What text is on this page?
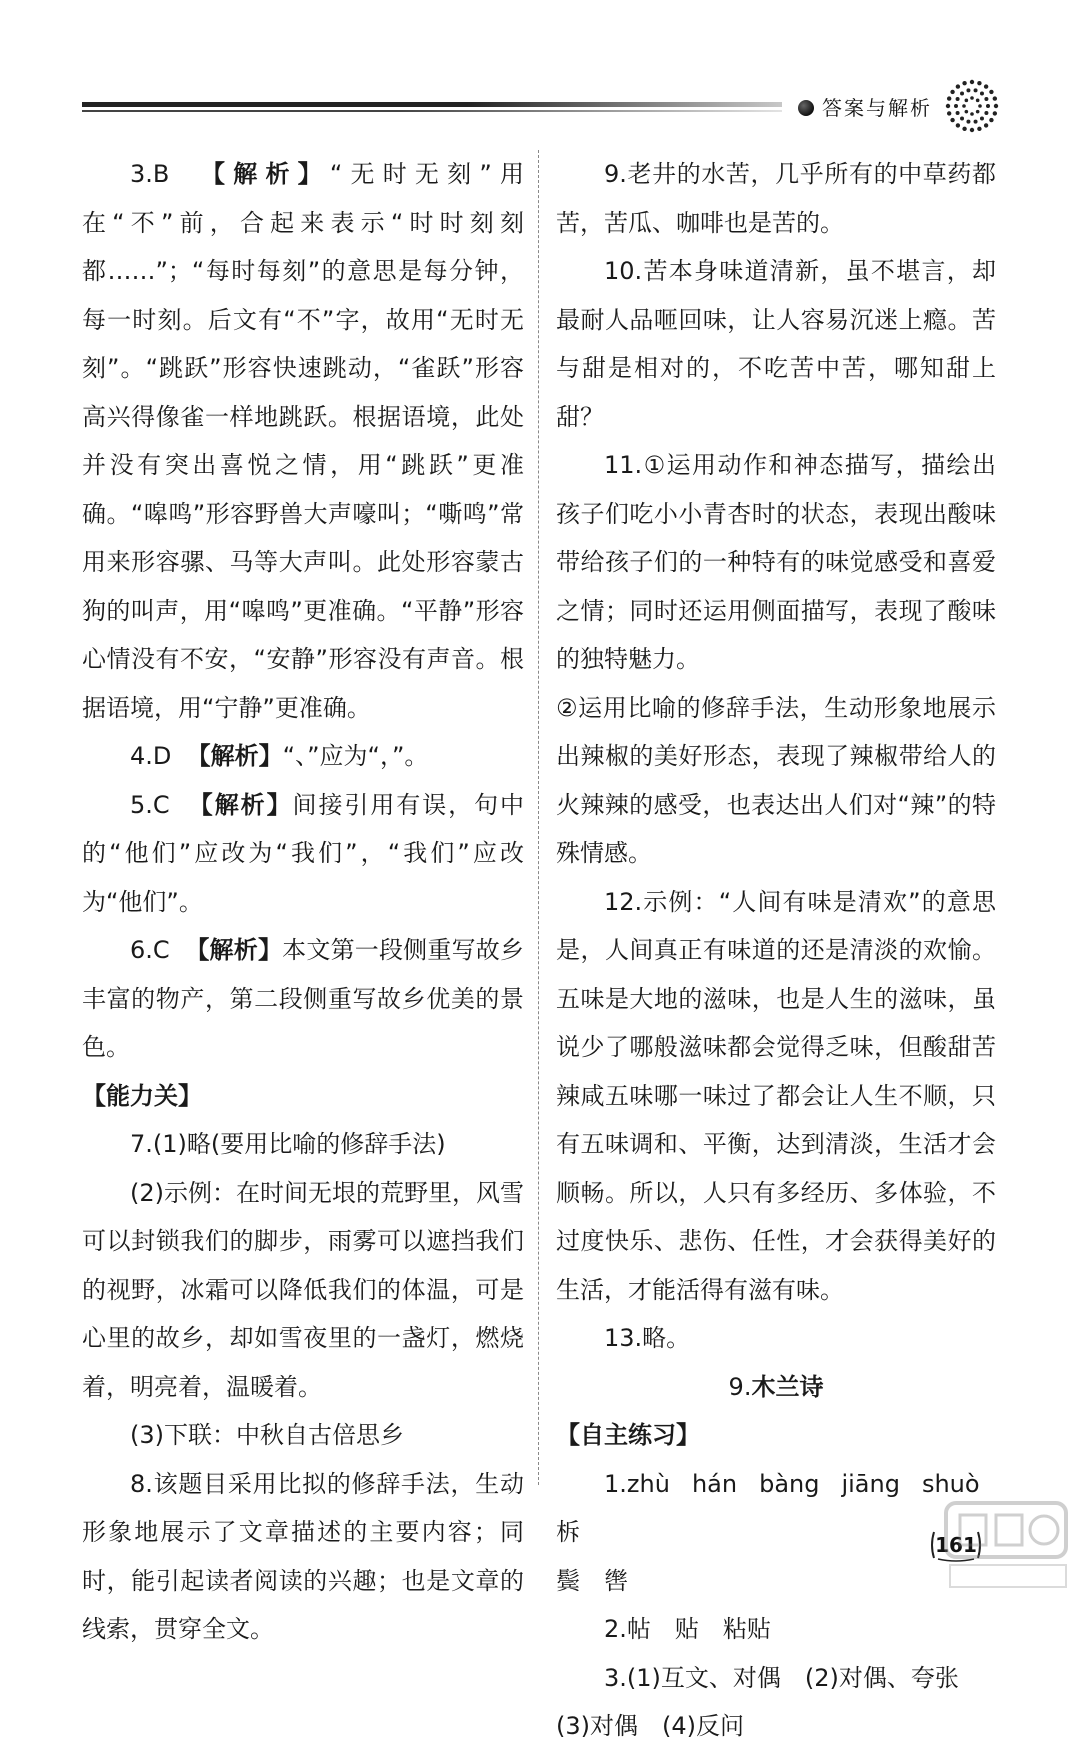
答案与解析

3.B 【解析】“无时无刻”用在“不”前，合起来表示“时时刻刻都……”；“每时每刻”的意思是每分钟，每一时刻。后文有“不”字，故用“无时无刻”。“跳跃”形容快速跳动，“雀跃”形容高兴得像雀一样地跳跃。根据语境，此处并没有突出喜悦之情，用“跳跃”更准确。“嗥鸣”形容野兽大声嚎叫；“嘶鸣”常用来形容骡、马等大声叫。此处形容蒙古狗的叫声，用“嗥鸣”更准确。“平静”形容心情没有不安，“安静”形容没有声音。根据语境，用“宁静”更准确。

4.D 【解析】“、”应为“，”。

5.C 【解析】间接引用有误，句中的“他们”应改为“我们”，“我们”应改为“他们”。

6.C 【解析】本文第一段侧重写故乡丰富的物产，第二段侧重写故乡优美的景色。

【能力关】

7.(1)略(要用比喻的修辞手法)

(2)示例：在时间无垠的荒野里，风雪可以封锁我们的脚步，雨雾可以遮挡我们的视野，冰霜可以降低我们的体温，可是心里的故乡，却如雪夜里的一盏灯，燃烧着，明亮着，温暖着。

(3)下联：中秋自古倍思乡

8.该题目采用比拟的修辞手法，生动形象地展示了文章描述的主要内容；同时，能引起读者阅读的兴趣；也是文章的线索，贯穿全文。

9.老井的水苦，几乎所有的中草药都苦，苦瓜、咖啡也是苦的。

10.苦本身味道清新，虽不堪言，却最耐人品咂回味，让人容易沉迷上瘾。苦与甜是相对的，不吃苦中苦，哪知甜上甜？

11.①运用动作和神态描写，描绘出孩子们吃小小青杏时的状态，表现出酸味带给孩子们的一种特有的味觉感受和喜爱之情；同时还运用侧面描写，表现了酸味的独特魅力。

②运用比喻的修辞手法，生动形象地展示出辣椒的美好形态，表现了辣椒带给人的火辣辣的感受，也表达出人们对“辣”的特殊情感。

12.示例：“人间有味是清欢”的意思是，人间真正有味道的还是清淡的欢愉。五味是大地的滋味，也是人生的滋味，虽说少了哪般滋味都会觉得乏味，但酸甜苦辣咸五味哪一味过了都会让人生不顺，只有五味调和、平衡，达到清淡，生活才会顺畅。所以，人只有多经历、多体验，不过度快乐、悲伤、任性，才会获得美好的生活，才能活得有滋有味。

13.略。

9.木兰诗

【自主练习】

1.zhù hán bàng jiāng shuò柝

鬓　辔

2.帖　贴　粘贴

3.(1)互文、对偶　(2)对偶、夸张

(3)对偶　(4)反问

161
